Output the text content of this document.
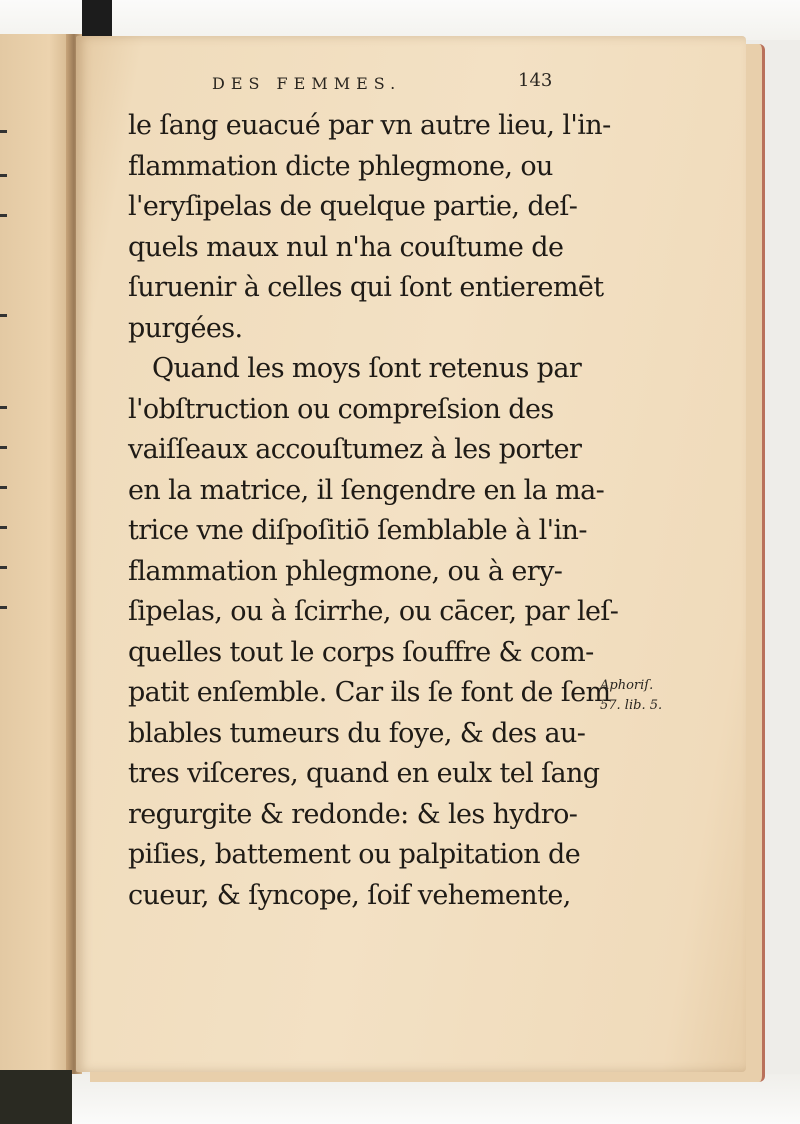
DES FEMMES.	143
le ſang euacué par vn autre lieu, l'in-
flammation dicte phlegmone, ou
l'eryſipelas de quelque partie, deſ-
quels maux nul n'ha couſtume de
ſuruenir à celles qui ſont entieremēt
purgées.
Quand les moys ſont retenus par
l'obſtruction ou compreſsion des
vaiſſeaux accouſtumez à les porter
en la matrice, il ſengendre en la ma-
trice vne diſpoſitiō ſemblable à l'in-
flammation phlegmone, ou à ery-
ſipelas, ou à ſcirrhe, ou cācer, par leſ-
quelles tout le corps ſouffre & com-
patit enſemble. Car ils ſe font de ſem
blables tumeurs du foye, & des au-
tres viſceres, quand en eulx tel ſang
regurgite & redonde: & les hydro-
piſies, battement ou palpitation de
cueur, & ſyncope, ſoif vehemente,
Aphoriſ.
57. lib. 5.
